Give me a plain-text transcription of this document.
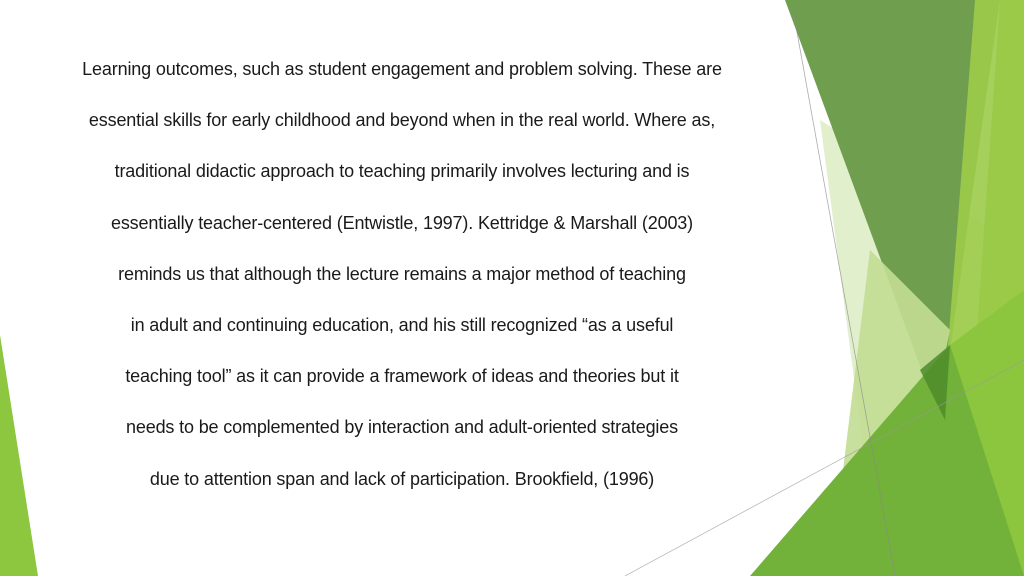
Learning outcomes, such as student engagement and problem solving. These are
essential skills for early childhood and beyond when in the real world. Where as,
traditional didactic approach to teaching primarily involves lecturing and is
essentially teacher-centered (Entwistle, 1997). Kettridge & Marshall (2003)
reminds us that although the lecture remains a major method of teaching
in adult and continuing education, and his still recognized “as a useful
teaching tool” as it can provide a framework of ideas and theories but it
needs to be complemented by interaction and adult-oriented strategies
due to attention span and lack of participation. Brookfield, (1996)
